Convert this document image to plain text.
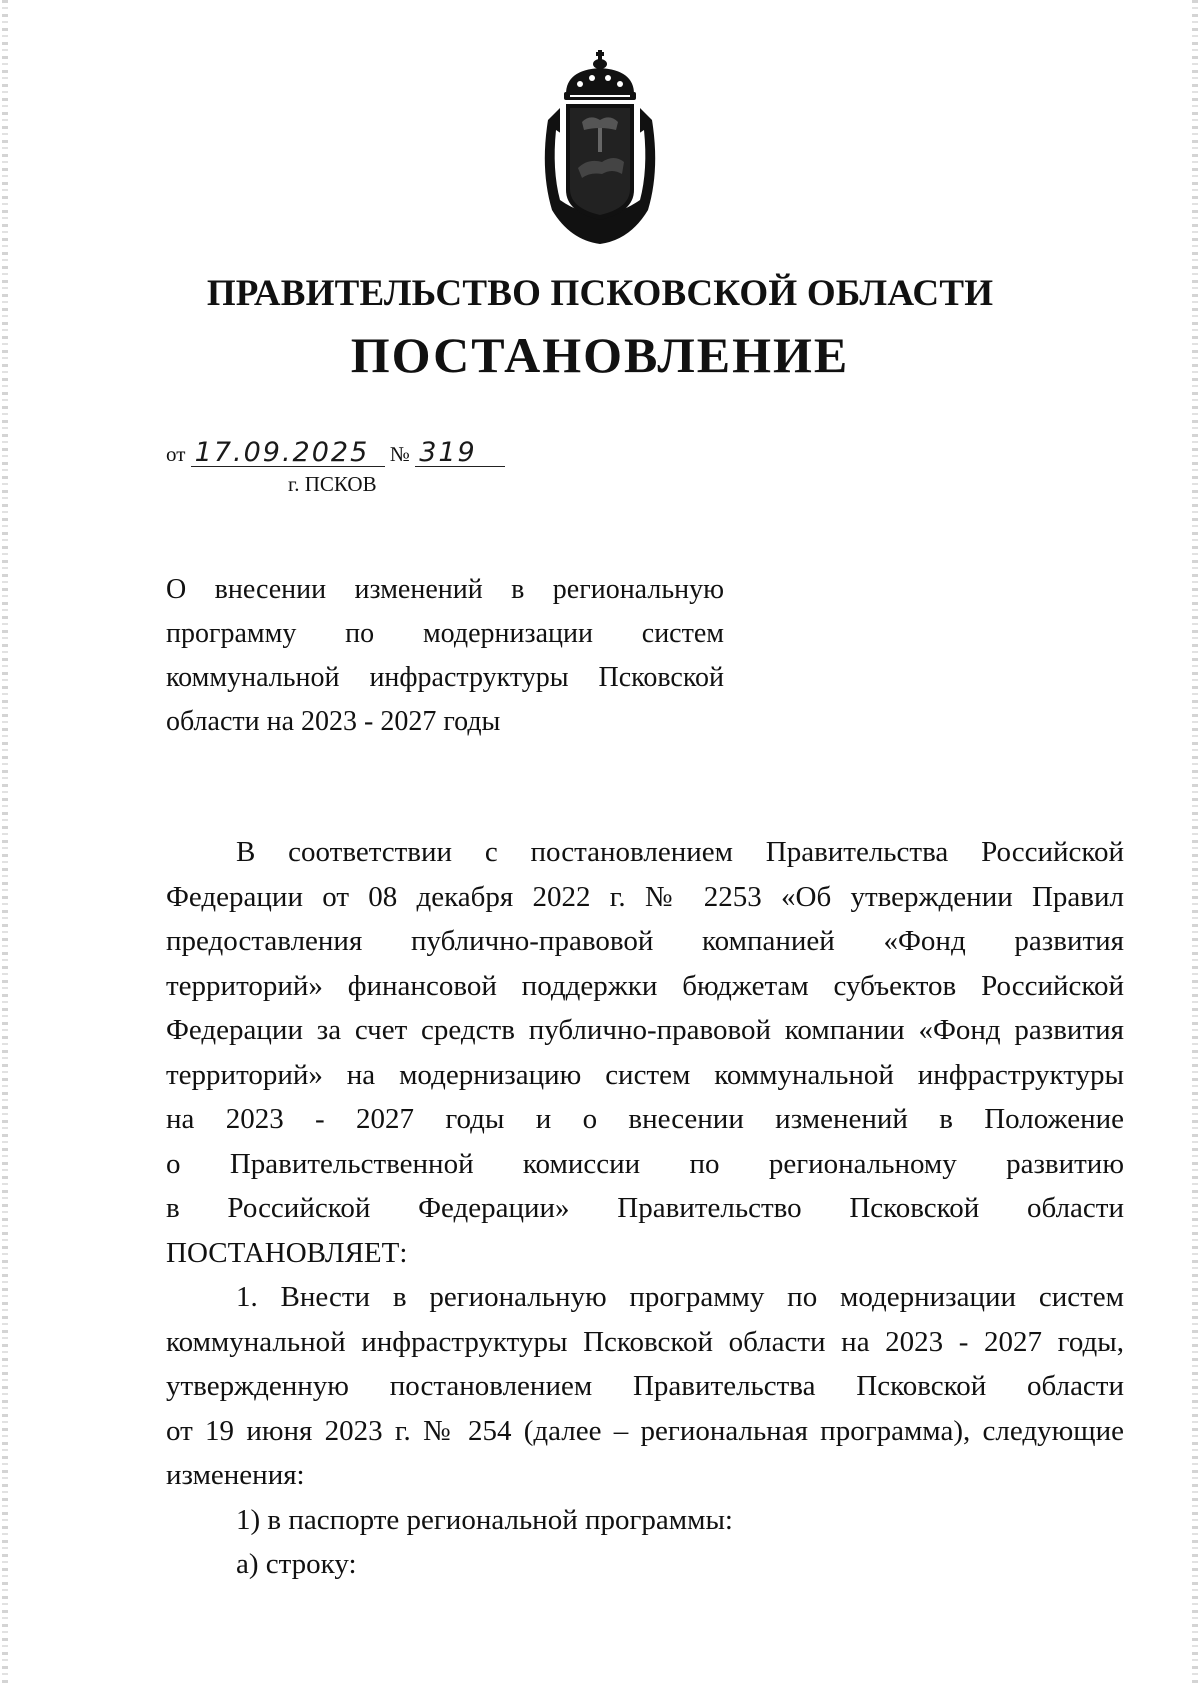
ПРАВИТЕЛЬСТВО ПСКОВСКОЙ ОБЛАСТИ
ПОСТАНОВЛЕНИЕ
от 17.09.2025 № 319
г. ПСКОВ
О внесении изменений в региональную
программу по модернизации систем
коммунальной инфраструктуры Псковской
области на 2023 - 2027 годы
В соответствии с постановлением Правительства Российской
Федерации от 08 декабря 2022 г. № 2253 «Об утверждении Правил
предоставления публично-правовой компанией «Фонд развития
территорий» финансовой поддержки бюджетам субъектов Российской
Федерации за счет средств публично-правовой компании «Фонд развития
территорий» на модернизацию систем коммунальной инфраструктуры
на 2023 - 2027 годы и о внесении изменений в Положение
о Правительственной комиссии по региональному развитию
в Российской Федерации» Правительство Псковской области
ПОСТАНОВЛЯЕТ:
1. Внести в региональную программу по модернизации систем
коммунальной инфраструктуры Псковской области на 2023 - 2027 годы,
утвержденную постановлением Правительства Псковской области
от 19 июня 2023 г. № 254 (далее – региональная программа), следующие
изменения:
1) в паспорте региональной программы:
а) строку:
